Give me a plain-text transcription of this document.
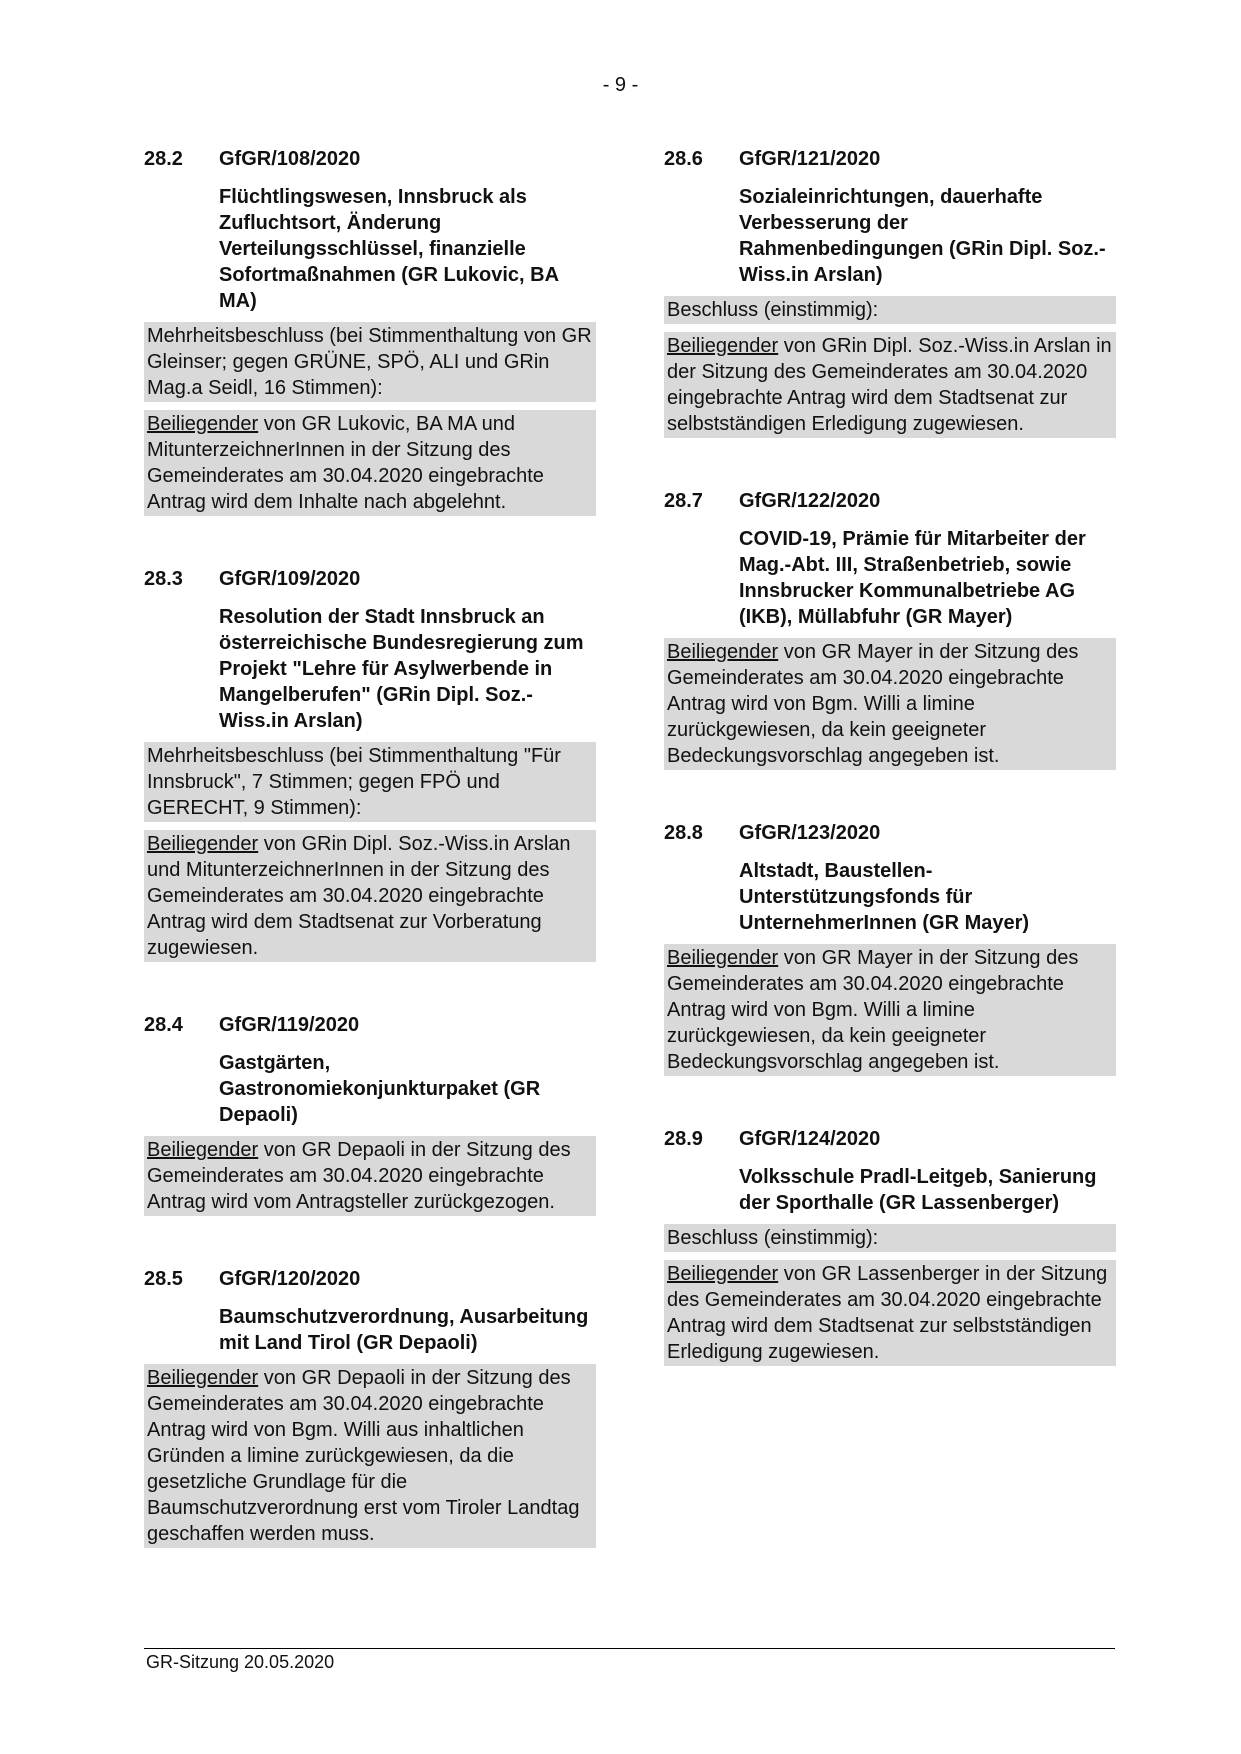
- 9 -
28.2	GfGR/108/2020
Flüchtlingswesen, Innsbruck als Zufluchtsort, Änderung Verteilungsschlüssel, finanzielle Sofortmaßnahmen (GR Lukovic, BA MA)
Mehrheitsbeschluss (bei Stimmenthaltung von GR Gleinser; gegen GRÜNE, SPÖ, ALI und GRin Mag.a Seidl, 16 Stimmen):
Beiliegender von GR Lukovic, BA MA und MitunterzeichnerInnen in der Sitzung des Gemeinderates am 30.04.2020 eingebrachte Antrag wird dem Inhalte nach abgelehnt.
28.3	GfGR/109/2020
Resolution der Stadt Innsbruck an österreichische Bundesregierung zum Projekt "Lehre für Asylwerbende in Mangelberufen" (GRin Dipl. Soz.-Wiss.in Arslan)
Mehrheitsbeschluss (bei Stimmenthaltung "Für Innsbruck", 7 Stimmen; gegen FPÖ und GERECHT, 9 Stimmen):
Beiliegender von GRin Dipl. Soz.-Wiss.in Arslan und MitunterzeichnerInnen in der Sitzung des Gemeinderates am 30.04.2020 eingebrachte Antrag wird dem Stadtsenat zur Vorberatung zugewiesen.
28.4	GfGR/119/2020
Gastgärten, Gastronomiekonjunkturpaket (GR Depaoli)
Beiliegender von GR Depaoli in der Sitzung des Gemeinderates am 30.04.2020 eingebrachte Antrag wird vom Antragsteller zurückgezogen.
28.5	GfGR/120/2020
Baumschutzverordnung, Ausarbeitung mit Land Tirol (GR Depaoli)
Beiliegender von GR Depaoli in der Sitzung des Gemeinderates am 30.04.2020 eingebrachte Antrag wird von Bgm. Willi aus inhaltlichen Gründen a limine zurückgewiesen, da die gesetzliche Grundlage für die Baumschutzverordnung erst vom Tiroler Landtag geschaffen werden muss.
28.6	GfGR/121/2020
Sozialeinrichtungen, dauerhafte Verbesserung der Rahmenbedingungen (GRin Dipl. Soz.-Wiss.in Arslan)
Beschluss (einstimmig):
Beiliegender von GRin Dipl. Soz.-Wiss.in Arslan in der Sitzung des Gemeinderates am 30.04.2020 eingebrachte Antrag wird dem Stadtsenat zur selbstständigen Erledigung zugewiesen.
28.7	GfGR/122/2020
COVID-19, Prämie für Mitarbeiter der Mag.-Abt. III, Straßenbetrieb, sowie Innsbrucker Kommunalbetriebe AG (IKB), Müllabfuhr (GR Mayer)
Beiliegender von GR Mayer in der Sitzung des Gemeinderates am 30.04.2020 eingebrachte Antrag wird von Bgm. Willi a limine zurückgewiesen, da kein geeigneter Bedeckungsvorschlag angegeben ist.
28.8	GfGR/123/2020
Altstadt, Baustellen-Unterstützungsfonds für UnternehmerInnen (GR Mayer)
Beiliegender von GR Mayer in der Sitzung des Gemeinderates am 30.04.2020 eingebrachte Antrag wird von Bgm. Willi a limine zurückgewiesen, da kein geeigneter Bedeckungsvorschlag angegeben ist.
28.9	GfGR/124/2020
Volksschule Pradl-Leitgeb, Sanierung der Sporthalle (GR Lassenberger)
Beschluss (einstimmig):
Beiliegender von GR Lassenberger in der Sitzung des Gemeinderates am 30.04.2020 eingebrachte Antrag wird dem Stadtsenat zur selbstständigen Erledigung zugewiesen.
GR-Sitzung 20.05.2020
